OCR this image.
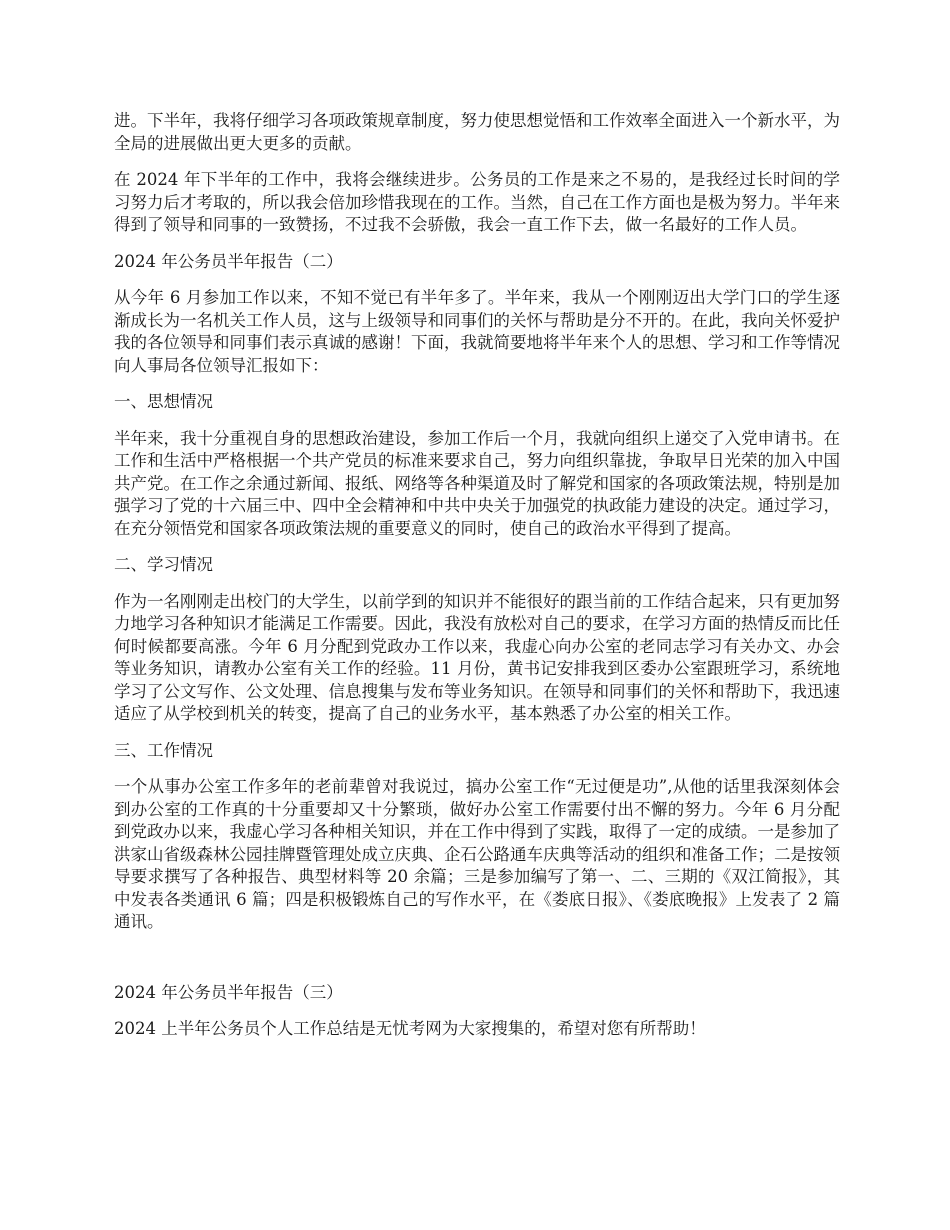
进。下半年，我将仔细学习各项政策规章制度，努力使思想觉悟和工作效率全面进入一个新水平，为全局的进展做出更大更多的贡献。

在 2024 年下半年的工作中，我将会继续进步。公务员的工作是来之不易的，是我经过长时间的学习努力后才考取的，所以我会倍加珍惜我现在的工作。当然，自己在工作方面也是极为努力。半年来得到了领导和同事的一致赞扬，不过我不会骄傲，我会一直工作下去，做一名最好的工作人员。

2024 年公务员半年报告（二）

从今年 6 月参加工作以来，不知不觉已有半年多了。半年来，我从一个刚刚迈出大学门口的学生逐渐成长为一名机关工作人员，这与上级领导和同事们的关怀与帮助是分不开的。在此，我向关怀爱护我的各位领导和同事们表示真诚的感谢！下面，我就简要地将半年来个人的思想、学习和工作等情况向人事局各位领导汇报如下：

一、思想情况

半年来，我十分重视自身的思想政治建设，参加工作后一个月，我就向组织上递交了入党申请书。在工作和生活中严格根据一个共产党员的标准来要求自己，努力向组织靠拢，争取早日光荣的加入中国共产党。在工作之余通过新闻、报纸、网络等各种渠道及时了解党和国家的各项政策法规，特别是加强学习了党的十六届三中、四中全会精神和中共中央关于加强党的执政能力建设的决定。通过学习，在充分领悟党和国家各项政策法规的重要意义的同时，使自己的政治水平得到了提高。

二、学习情况

作为一名刚刚走出校门的大学生，以前学到的知识并不能很好的跟当前的工作结合起来，只有更加努力地学习各种知识才能满足工作需要。因此，我没有放松对自己的要求，在学习方面的热情反而比任何时候都要高涨。今年 6 月分配到党政办工作以来，我虚心向办公室的老同志学习有关办文、办会等业务知识，请教办公室有关工作的经验。11 月份，黄书记安排我到区委办公室跟班学习，系统地学习了公文写作、公文处理、信息搜集与发布等业务知识。在领导和同事们的关怀和帮助下，我迅速适应了从学校到机关的转变，提高了自己的业务水平，基本熟悉了办公室的相关工作。

三、工作情况

一个从事办公室工作多年的老前辈曾对我说过，搞办公室工作“无过便是功”,从他的话里我深刻体会到办公室的工作真的十分重要却又十分繁琐，做好办公室工作需要付出不懈的努力。今年 6 月分配到党政办以来，我虚心学习各种相关知识，并在工作中得到了实践，取得了一定的成绩。一是参加了洪家山省级森林公园挂牌暨管理处成立庆典、企石公路通车庆典等活动的组织和准备工作；二是按领导要求撰写了各种报告、典型材料等 20 余篇；三是参加编写了第一、二、三期的《双江简报》，其中发表各类通讯 6 篇；四是积极锻炼自己的写作水平，在《娄底日报》、《娄底晚报》上发表了 2 篇通讯。

2024 年公务员半年报告（三）

2024 上半年公务员个人工作总结是无忧考网为大家搜集的，希望对您有所帮助！
